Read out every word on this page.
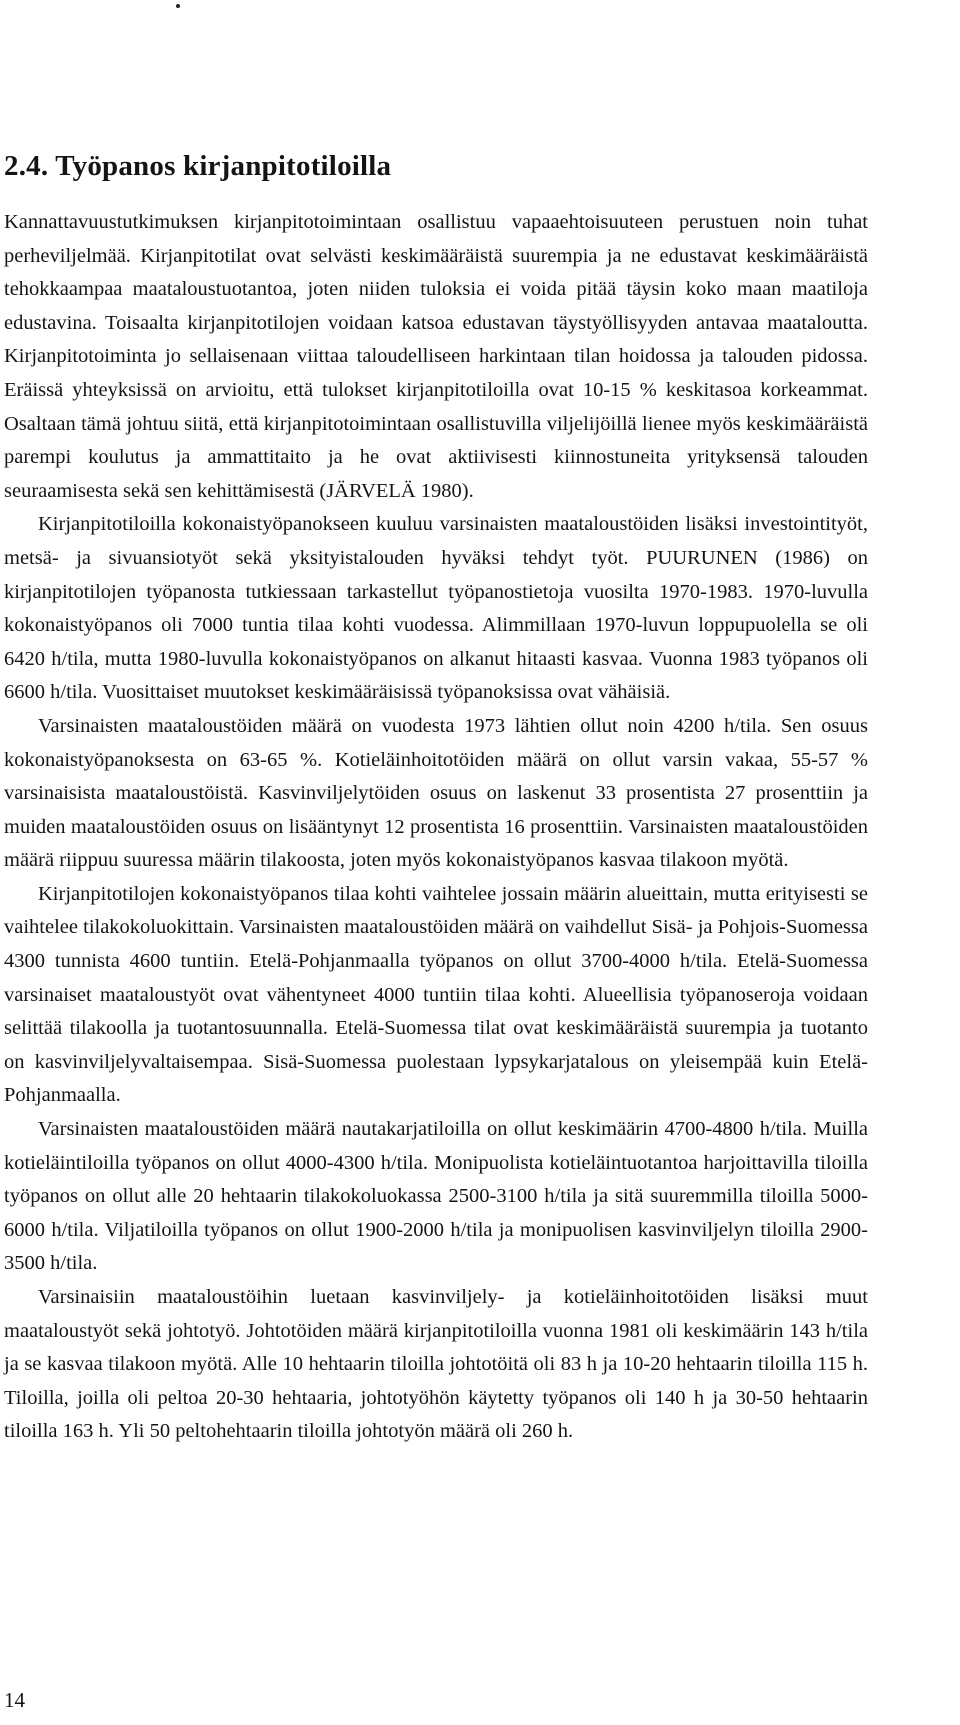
2.4. Työpanos kirjanpitotiloilla

Kannattavuustutkimuksen kirjanpitotoimintaan osallistuu vapaaehtoisuuteen perustuen noin tuhat perheviljelmää. Kirjanpitotilat ovat selvästi keskimääräistä suurempia ja ne edustavat keskimääräistä tehokkaampaa maataloustuotantoa, joten niiden tuloksia ei voida pitää täysin koko maan maatiloja edustavina. Toisaalta kirjanpitotilojen voidaan katsoa edustavan täystyöllisyyden antavaa maataloutta. Kirjanpitotoiminta jo sellaisenaan viittaa taloudelliseen harkintaan tilan hoidossa ja talouden pidossa. Eräissä yhteyksissä on arvioitu, että tulokset kirjanpitotiloilla ovat 10-15 % keskitasoa korkeammat. Osaltaan tämä johtuu siitä, että kirjanpitotoimintaan osallistuvilla viljelijöillä lienee myös keskimääräistä parempi koulutus ja ammattitaito ja he ovat aktiivisesti kiinnostuneita yrityksensä talouden seuraamisesta sekä sen kehittämisestä (JÄRVELÄ 1980).

Kirjanpitotiloilla kokonaistyöpanokseen kuuluu varsinaisten maataloustöiden lisäksi investointityöt, metsä- ja sivuansiotyöt sekä yksityistalouden hyväksi tehdyt työt. PUURUNEN (1986) on kirjanpitotilojen työpanosta tutkiessaan tarkastellut työpanostietoja vuosilta 1970-1983. 1970-luvulla kokonaistyöpanos oli 7000 tuntia tilaa kohti vuodessa. Alimmillaan 1970-luvun loppupuolella se oli 6420 h/tila, mutta 1980-luvulla kokonaistyöpanos on alkanut hitaasti kasvaa. Vuonna 1983 työpanos oli 6600 h/tila. Vuosittaiset muutokset keskimääräisissä työpanoksissa ovat vähäisiä.

Varsinaisten maataloustöiden määrä on vuodesta 1973 lähtien ollut noin 4200 h/tila. Sen osuus kokonaistyöpanoksesta on 63-65 %. Kotieläinhoitotöiden määrä on ollut varsin vakaa, 55-57 % varsinaisista maataloustöistä. Kasvinviljelytöiden osuus on laskenut 33 prosentista 27 prosenttiin ja muiden maataloustöiden osuus on lisääntynyt 12 prosentista 16 prosenttiin. Varsinaisten maataloustöiden määrä riippuu suuressa määrin tilakoosta, joten myös kokonaistyöpanos kasvaa tilakoon myötä.

Kirjanpitotilojen kokonaistyöpanos tilaa kohti vaihtelee jossain määrin alueittain, mutta erityisesti se vaihtelee tilakokoluokittain. Varsinaisten maataloustöiden määrä on vaihdellut Sisä- ja Pohjois-Suomessa 4300 tunnista 4600 tuntiin. Etelä-Pohjanmaalla työpanos on ollut 3700-4000 h/tila. Etelä-Suomessa varsinaiset maataloustyöt ovat vähentyneet 4000 tuntiin tilaa kohti. Alueellisia työpanoseroja voidaan selittää tilakoolla ja tuotantosuunnalla. Etelä-Suomessa tilat ovat keskimääräistä suurempia ja tuotanto on kasvinviljelyvaltaisempaa. Sisä-Suomessa puolestaan lypsykarjatalous on yleisempää kuin Etelä-Pohjanmaalla.

Varsinaisten maataloustöiden määrä nautakarjatiloilla on ollut keskimäärin 4700-4800 h/tila. Muilla kotieläintiloilla työpanos on ollut 4000-4300 h/tila. Monipuolista kotieläintuotantoa harjoittavilla tiloilla työpanos on ollut alle 20 hehtaarin tilakokoluokassa 2500-3100 h/tila ja sitä suuremmilla tiloilla 5000-6000 h/tila. Viljatiloilla työpanos on ollut 1900-2000 h/tila ja monipuolisen kasvinviljelyn tiloilla 2900-3500 h/tila.

Varsinaisiin maataloustöihin luetaan kasvinviljely- ja kotieläinhoitotöiden lisäksi muut maataloustyöt sekä johtotyö. Johtotöiden määrä kirjanpitotiloilla vuonna 1981 oli keskimäärin 143 h/tila ja se kasvaa tilakoon myötä. Alle 10 hehtaarin tiloilla johtotöitä oli 83 h ja 10-20 hehtaarin tiloilla 115 h. Tiloilla, joilla oli peltoa 20-30 hehtaaria, johtotyöhön käytetty työpanos oli 140 h ja 30-50 hehtaarin tiloilla 163 h. Yli 50 peltohehtaarin tiloilla johtotyön määrä oli 260 h.

14
